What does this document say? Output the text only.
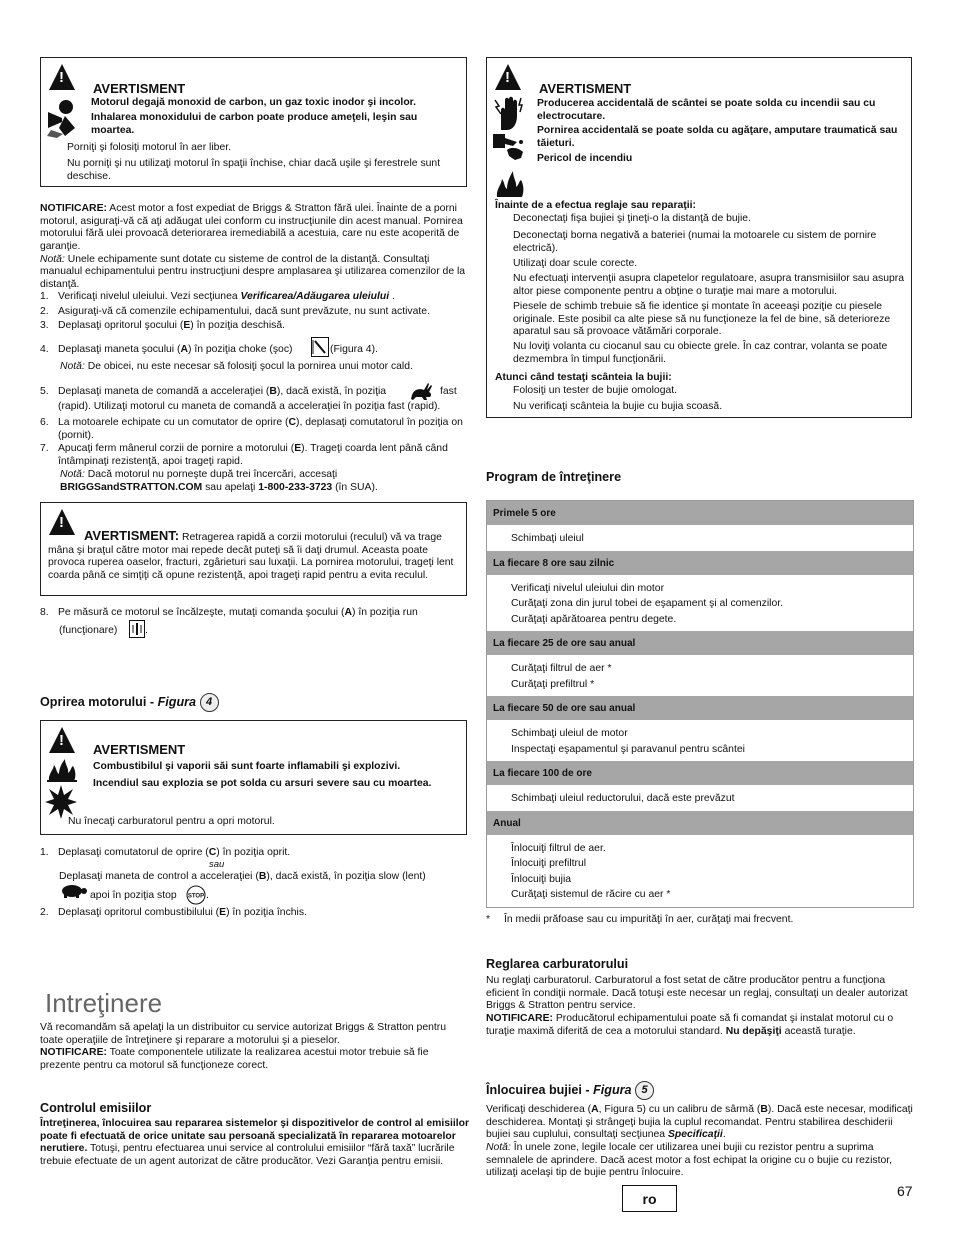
!
AVERTISMENT
Motorul degajă monoxid de carbon, un gaz toxic inodor şi incolor.
Inhalarea monoxidului de carbon poate produce ameţeli, leşin sau moartea.
Porniţi şi folosiţi motorul în aer liber.
Nu porniţi şi nu utilizaţi motorul în spaţii închise, chiar dacă uşile şi ferestrele sunt deschise.

NOTIFICARE: Acest motor a fost expediat de Briggs & Stratton fără ulei. Înainte de a porni motorul, asiguraţi-vă că aţi adăugat ulei conform cu instrucţiunile din acest manual. Pornirea motorului fără ulei provoacă deteriorarea iremediabilă a acestuia, care nu este acoperită de garanţie.

Notă: Unele echipamente sunt dotate cu sisteme de control de la distanţă. Consultaţi manualul echipamentului pentru instrucţiuni despre amplasarea şi utilizarea comenzilor de la distanţă.

1. Verificaţi nivelul uleiului. Vezi secţiunea Verificarea/Adăugarea uleiului .
2. Asiguraţi-vă că comenzile echipamentului, dacă sunt prevăzute, nu sunt activate.
3. Deplasaţi opritorul şocului (E) în poziţia deschisă.
4. Deplasaţi maneta şocului (A) în poziţia choke (şoc)	(Figura 4).
Notă: De obicei, nu este necesar să folosiţi şocul la pornirea unui motor cald.
5. Deplasaţi maneta de comandă a acceleraţiei (B), dacă există, în poziţia	fast
(rapid). Utilizaţi motorul cu maneta de comandă a acceleraţiei în poziţia fast (rapid).
6. La motoarele echipate cu un comutator de oprire (C), deplasaţi comutatorul în poziţia on (pornit).
7. Apucaţi ferm mânerul corzii de pornire a motorului (E). Trageţi coarda lent până când întâmpinaţi rezistenţă, apoi trageţi rapid.
Notă: Dacă motorul nu porneşte după trei încercări, accesaţi
BRIGGSandSTRATTON.COM sau apelaţi 1-800-233-3723 (în SUA).
!
AVERTISMENT: Retragerea rapidă a corzii motorului (reculul) vă va trage mâna şi braţul către motor mai repede decât puteţi să îi daţi drumul. Aceasta poate provoca ruperea oaselor, fracturi, zgârieturi sau luxaţii. La pornirea motorului, trageţi lent coarda până ce simţiţi că opune rezistenţă, apoi trageţi rapid pentru a evita reculul.
8. Pe măsură ce motorul se încălzeşte, mutaţi comanda şocului (A) în poziţia run
(funcţionare)	.
Oprirea motorului - Figura 4
!
AVERTISMENT
Combustibilul şi vaporii săi sunt foarte inflamabili şi explozivi.
Incendiul sau explozia se pot solda cu arsuri severe sau cu moartea.
Nu înecaţi carburatorul pentru a opri motorul.
1. Deplasaţi comutatorul de oprire (C) în poziţia oprit.
sau
Deplasaţi maneta de control a acceleraţiei (B), dacă există, în poziţia slow (lent)
apoi în poziţia stop STOP .
2. Deplasaţi opritorul combustibilului (E) în poziţia închis.
Intreţinere

Vă recomandăm să apelaţi la un distribuitor cu service autorizat Briggs & Stratton pentru toate operaţiile de întreţinere şi reparare a motorului şi a pieselor.

NOTIFICARE: Toate componentele utilizate la realizarea acestui motor trebuie să fie prezente pentru ca motorul să funcţioneze corect.

Controlul emisiilor
Întreţinerea, înlocuirea sau repararea sistemelor şi dispozitivelor de control al emisiilor poate fi efectuată de orice unitate sau persoană specializată în repararea motoarelor nerutiere. Totuşi, pentru efectuarea unui service al controlului emisiilor “fără taxă” lucrările trebuie efectuate de un agent autorizat de către producător. Vezi Garanţia pentru emisii.
!
AVERTISMENT
Producerea accidentală de scântei se poate solda cu incendii sau cu electrocutare.
Pornirea accidentală se poate solda cu agăţare, amputare traumatică sau tăieturi.
Pericol de incendiu
Înainte de a efectua reglaje sau reparaţii:
Deconectaţi fişa bujiei şi ţineţi-o la distanţă de bujie.
Deconectaţi borna negativă a bateriei (numai la motoarele cu sistem de pornire electrică).
Utilizaţi doar scule corecte.
Nu efectuaţi intervenţii asupra clapetelor regulatoare, asupra transmisiilor sau asupra altor piese componente pentru a obţine o turaţie mai mare a motorului.
Piesele de schimb trebuie să fie identice şi montate în aceeaşi poziţie cu piesele originale. Este posibil ca alte piese să nu funcţioneze la fel de bine, să deterioreze aparatul sau să provoace vătămări corporale.
Nu loviţi volanta cu ciocanul sau cu obiecte grele. În caz contrar, volanta se poate dezmembra în timpul funcţionării.
Atunci când testaţi scânteia la bujii:
Folosiţi un tester de bujie omologat.
Nu verificaţi scânteia la bujie cu bujia scoasă.
Program de întreţinere
Primele 5 ore
Schimbaţi uleiul
La fiecare 8 ore sau zilnic
Verificaţi nivelul uleiului din motor
Curăţaţi zona din jurul tobei de eşapament şi al comenzilor.
Curăţaţi apărătoarea pentru degete.
La fiecare 25 de ore sau anual
Curăţaţi filtrul de aer *
Curăţaţi prefiltrul *
La fiecare 50 de ore sau anual
Schimbaţi uleiul de motor
Inspectaţi eşapamentul şi paravanul pentru scântei
La fiecare 100 de ore
Schimbaţi uleiul reductorului, dacă este prevăzut
Anual
Înlocuiţi filtrul de aer.
Înlocuiţi prefiltrul
Înlocuiţi bujia
Curăţaţi sistemul de răcire cu aer *
* În medii prăfoase sau cu impurităţi în aer, curăţaţi mai frecvent.
Reglarea carburatorului

Nu reglaţi carburatorul. Carburatorul a fost setat de către producător pentru a funcţiona eficient în condiţii normale. Dacă totuşi este necesar un reglaj, consultaţi un dealer autorizat Briggs & Stratton pentru service.

NOTIFICARE: Producătorul echipamentului poate să fi comandat şi instalat motorul cu o turaţie maximă diferită de cea a motorului standard. Nu depăşiţi această turaţie.

Înlocuirea bujiei - Figura 5

Verificaţi deschiderea (A, Figura 5) cu un calibru de sârmă (B). Dacă este necesar, modificaţi deschiderea. Montaţi şi strângeţi bujia la cuplul recomandat. Pentru stabilirea deschiderii bujiei sau cuplului, consultaţi secţiunea Specificaţii.

Notă: În unele zone, legile locale cer utilizarea unei bujii cu rezistor pentru a suprima semnalele de aprindere. Dacă acest motor a fost echipat la origine cu o bujie cu rezistor, utilizaţi acelaşi tip de bujie pentru înlocuire.

ro	67
